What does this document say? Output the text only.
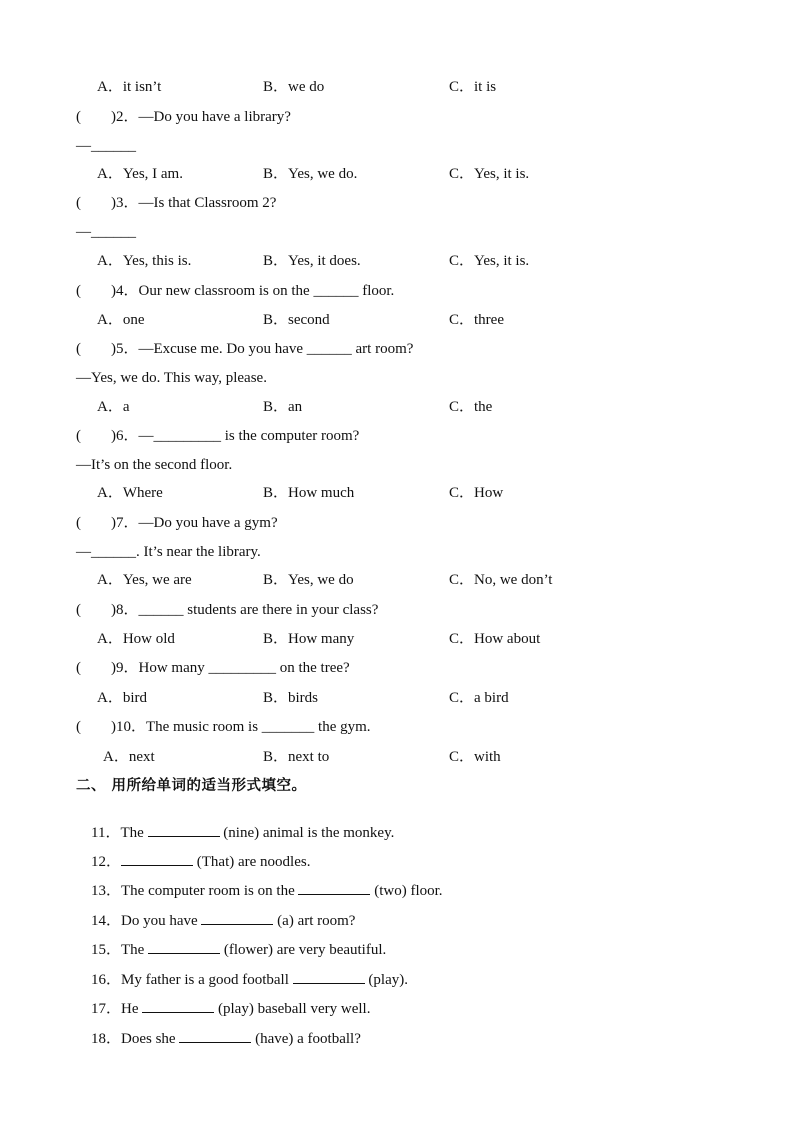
A．it isn’t	B．we do	C．it is
(        )2．—Do you have a library?
—______
A．Yes, I am.	B．Yes, we do.	C．Yes, it is.
(        )3．—Is that Classroom 2?
—______
A．Yes, this is.	B．Yes, it does.	C．Yes, it is.
(        )4．Our new classroom is on the ______ floor.
A．one	B．second	C．three
(        )5．—Excuse me. Do you have ______ art room?
—Yes, we do. This way, please.
A．a	B．an	C．the
(        )6．—_________ is the computer room?
—It’s on the second floor.
A．Where	B．How much	C．How
(        )7．—Do you have a gym?
—______. It’s near the library.
A．Yes, we are	B．Yes, we do	C．No, we don’t
(        )8．______ students are there in your class?
A．How old	B．How many	C．How about
(        )9．How many _________ on the tree?
A．bird	B．birds	C．a bird
(        )10．The music room is _______ the gym.
A．next	B．next to	C．with
二、 用所给单词的适当形式填空。

11．The	(nine) animal is the monkey.

12．	(That) are noodles.

13．The computer room is on the	(two) floor.

14．Do you have	(a) art room?

15．The	(flower) are very beautiful.

16．My father is a good football	(play).

17．He	(play) baseball very well.

18．Does she	(have) a football?
